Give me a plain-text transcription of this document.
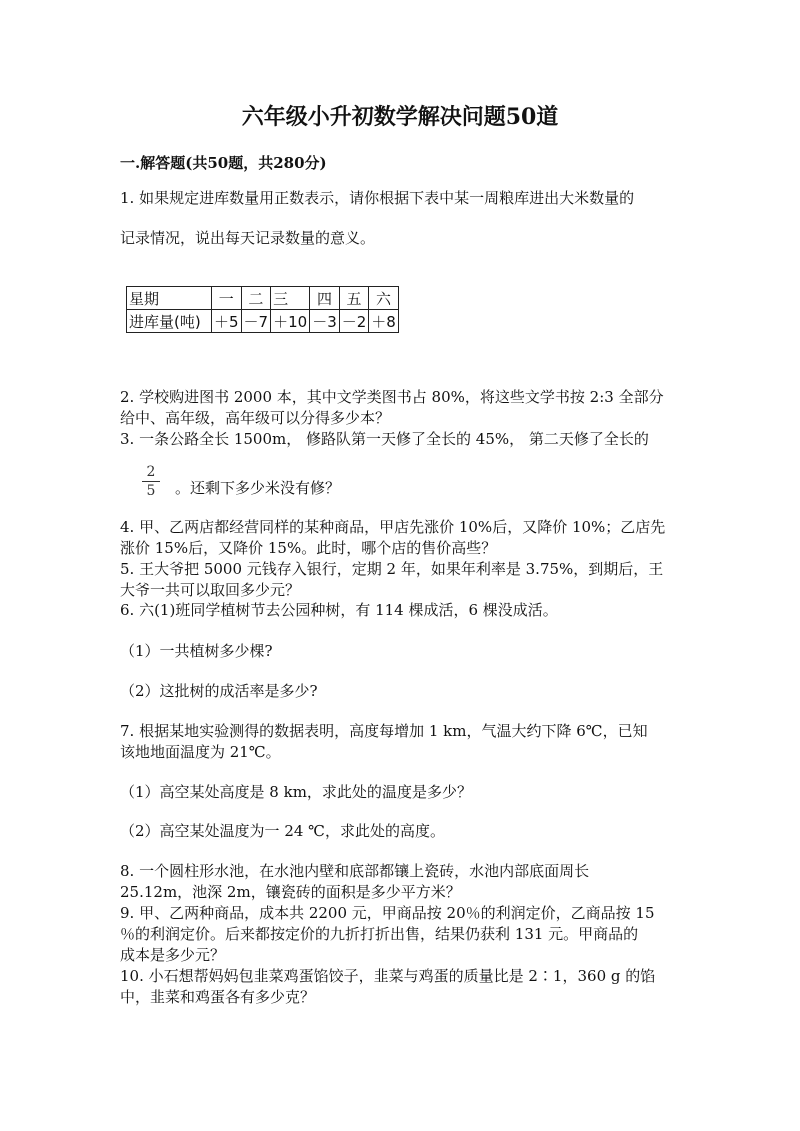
六年级小升初数学解决问题50道
一.解答题(共50题，共280分)
1. 如果规定进库数量用正数表示，请你根据下表中某一周粮库进出大米数量的
记录情况，说出每天记录数量的意义。
星期	一	二	三	四	五	六
进库量(吨)	＋5	－7	＋10	－3	－2	＋8
2. 学校购进图书 2000 本，其中文学类图书占 80%，将这些文学书按 2:3 全部分
给中、高年级，高年级可以分得多少本？
3. 一条公路全长 1500m， 修路队第一天修了全长的 45%， 第二天修了全长的
2
5	。还剩下多少米没有修？
4. 甲、乙两店都经营同样的某种商品，甲店先涨价 10%后，又降价 10%；乙店先
涨价 15%后，又降价 15%。此时，哪个店的售价高些？
5. 王大爷把 5000 元钱存入银行，定期 2 年，如果年利率是 3.75%，到期后，王
大爷一共可以取回多少元？
6. 六(1)班同学植树节去公园种树，有 114 棵成活，6 棵没成活。
（1）一共植树多少棵?
（2）这批树的成活率是多少?
7. 根据某地实验测得的数据表明，高度每增加 1 km，气温大约下降 6℃，已知
该地地面温度为 21℃。
（1）高空某处高度是 8 km，求此处的温度是多少？
（2）高空某处温度为一 24 ℃，求此处的高度。
8. 一个圆柱形水池，在水池内壁和底部都镶上瓷砖，水池内部底面周长
25.12m，池深 2m，镶瓷砖的面积是多少平方米？
9. 甲、乙两种商品，成本共 2200 元，甲商品按 20％的利润定价，乙商品按 15
％的利润定价。后来都按定价的九折打折出售，结果仍获利 131 元。甲商品的
成本是多少元？
10. 小石想帮妈妈包韭菜鸡蛋馅饺子，韭菜与鸡蛋的质量比是 2∶1，360 g 的馅
中，韭菜和鸡蛋各有多少克？
